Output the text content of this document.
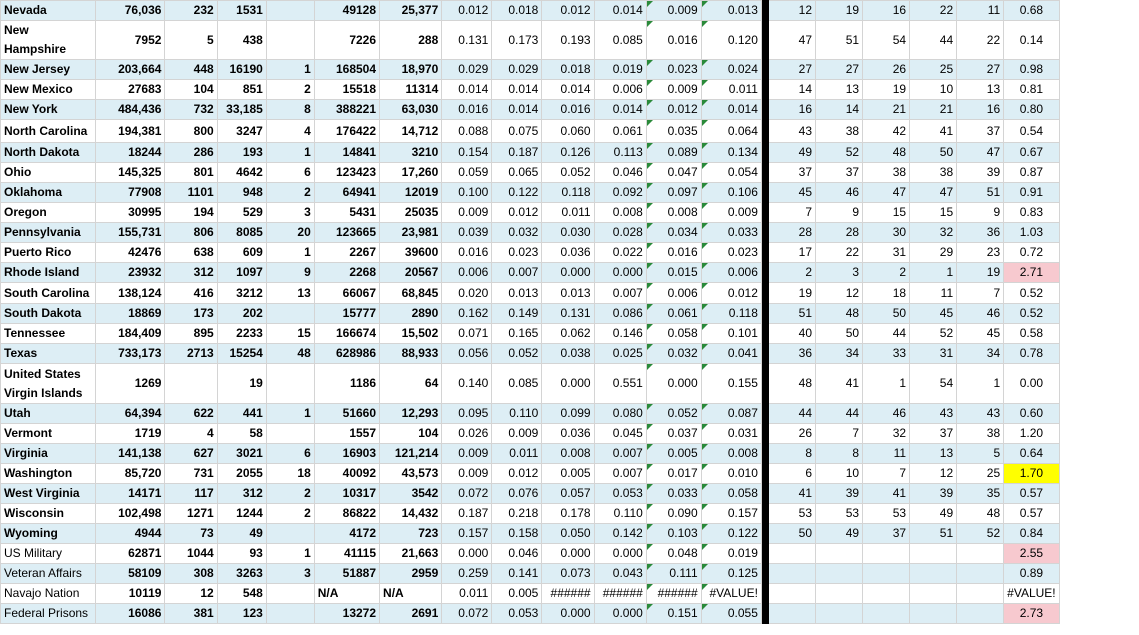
Nevada	76,036	232	1531		49128	25,377	0.012	0.018	0.012	0.014	0.009	0.013		12	19	16	22	11	0.68
New Hampshire	7952	5	438		7226	288	0.131	0.173	0.193	0.085	0.016	0.120		47	51	54	44	22	0.14
New Jersey	203,664	448	16190	1	168504	18,970	0.029	0.029	0.018	0.019	0.023	0.024		27	27	26	25	27	0.98
New Mexico	27683	104	851	2	15518	11314	0.014	0.014	0.014	0.006	0.009	0.011		14	13	19	10	13	0.81
New York	484,436	732	33,185	8	388221	63,030	0.016	0.014	0.016	0.014	0.012	0.014		16	14	21	21	16	0.80
North Carolina	194,381	800	3247	4	176422	14,712	0.088	0.075	0.060	0.061	0.035	0.064		43	38	42	41	37	0.54
North Dakota	18244	286	193	1	14841	3210	0.154	0.187	0.126	0.113	0.089	0.134		49	52	48	50	47	0.67
Ohio	145,325	801	4642	6	123423	17,260	0.059	0.065	0.052	0.046	0.047	0.054		37	37	38	38	39	0.87
Oklahoma	77908	1101	948	2	64941	12019	0.100	0.122	0.118	0.092	0.097	0.106		45	46	47	47	51	0.91
Oregon	30995	194	529	3	5431	25035	0.009	0.012	0.011	0.008	0.008	0.009		7	9	15	15	9	0.83
Pennsylvania	155,731	806	8085	20	123665	23,981	0.039	0.032	0.030	0.028	0.034	0.033		28	28	30	32	36	1.03
Puerto Rico	42476	638	609	1	2267	39600	0.016	0.023	0.036	0.022	0.016	0.023		17	22	31	29	23	0.72
Rhode Island	23932	312	1097	9	2268	20567	0.006	0.007	0.000	0.000	0.015	0.006		2	3	2	1	19	2.71
South Carolina	138,124	416	3212	13	66067	68,845	0.020	0.013	0.013	0.007	0.006	0.012		19	12	18	11	7	0.52
South Dakota	18869	173	202		15777	2890	0.162	0.149	0.131	0.086	0.061	0.118		51	48	50	45	46	0.52
Tennessee	184,409	895	2233	15	166674	15,502	0.071	0.165	0.062	0.146	0.058	0.101		40	50	44	52	45	0.58
Texas	733,173	2713	15254	48	628986	88,933	0.056	0.052	0.038	0.025	0.032	0.041		36	34	33	31	34	0.78
United States Virgin Islands	1269		19		1186	64	0.140	0.085	0.000	0.551	0.000	0.155		48	41	1	54	1	0.00
Utah	64,394	622	441	1	51660	12,293	0.095	0.110	0.099	0.080	0.052	0.087		44	44	46	43	43	0.60
Vermont	1719	4	58		1557	104	0.026	0.009	0.036	0.045	0.037	0.031		26	7	32	37	38	1.20
Virginia	141,138	627	3021	6	16903	121,214	0.009	0.011	0.008	0.007	0.005	0.008		8	8	11	13	5	0.64
Washington	85,720	731	2055	18	40092	43,573	0.009	0.012	0.005	0.007	0.017	0.010		6	10	7	12	25	1.70
West Virginia	14171	117	312	2	10317	3542	0.072	0.076	0.057	0.053	0.033	0.058		41	39	41	39	35	0.57
Wisconsin	102,498	1271	1244	2	86822	14,432	0.187	0.218	0.178	0.110	0.090	0.157		53	53	53	49	48	0.57
Wyoming	4944	73	49		4172	723	0.157	0.158	0.050	0.142	0.103	0.122		50	49	37	51	52	0.84
US Military	62871	1044	93	1	41115	21,663	0.000	0.046	0.000	0.000	0.048	0.019							2.55
Veteran Affairs	58109	308	3263	3	51887	2959	0.259	0.141	0.073	0.043	0.111	0.125							0.89
Navajo Nation	10119	12	548		N/A	N/A	0.011	0.005	######	######	######	#VALUE!							#VALUE!
Federal Prisons	16086	381	123		13272	2691	0.072	0.053	0.000	0.000	0.151	0.055							2.73
